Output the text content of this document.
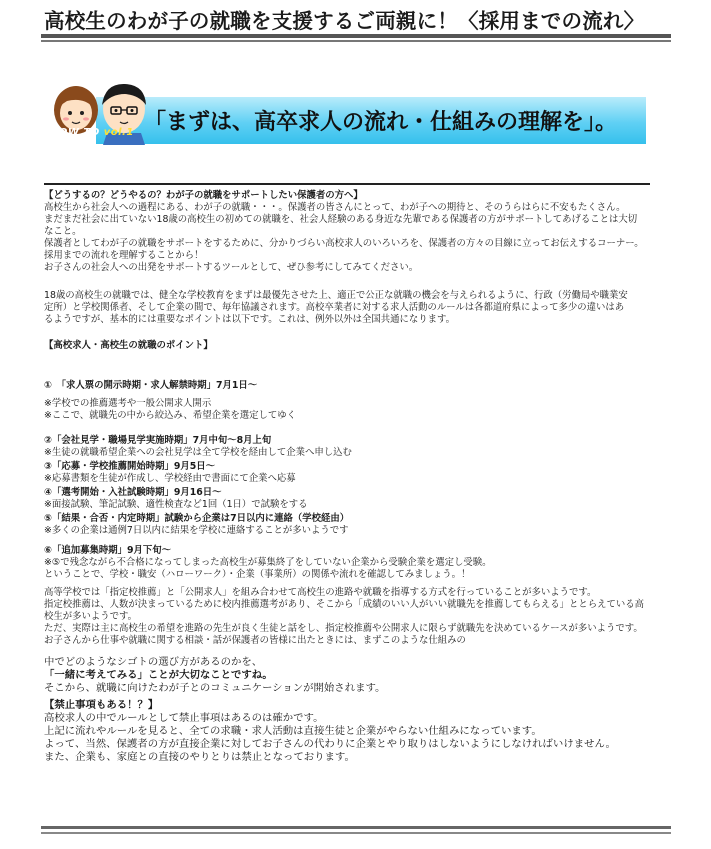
高校生のわが子の就職を支援するご両親に！〈採用までの流れ〉
「まずは、高卒求人の流れ・仕組みの理解を」。
HOW TO vol.1
【どうするの？どうやるの？わが子の就職をサポートしたい保護者の方へ】
高校生から社会人への過程にある、わが子の就職・・・。保護者の皆さんにとって、わが子への期待と、そのうらはらに不安もたくさん。
まだまだ社会に出ていない18歳の高校生の初めての就職を、社会人経験のある身近な先輩である保護者の方がサポートしてあげることは大切
なこと。
保護者としてわが子の就職をサポートをするために、分かりづらい高校求人のいろいろを、保護者の方々の目線に立ってお伝えするコーナー。
採用までの流れを理解することから！
お子さんの社会人への出発をサポートするツールとして、ぜひ参考にしてみてください。
18歳の高校生の就職では、健全な学校教育をまずは最優先させた上、適正で公正な就職の機会を与えられるように、行政（労働局や職業安
定所）と学校関係者、そして企業の間で、毎年協議されます。高校卒業者に対する求人活動のルールは各都道府県によって多少の違いはあ
るようですが、基本的には重要なポイントは以下です。これは、例外以外は全国共通になります。
【高校求人・高校生の就職のポイント】
①　「求人票の開示時期・求人解禁時期」7月1日～
※学校での推薦選考や一般公開求人開示
※ここで、就職先の中から絞込み、希望企業を選定してゆく
②「会社見学・職場見学実施時期」7月中旬～8月上旬
※生徒の就職希望企業への会社見学は全て学校を経由して企業へ申し込む
③「応募・学校推薦開始時期」9月5日～
※応募書類を生徒が作成し、学校経由で書面にて企業へ応募
④「選考開始・入社試験時期」9月16日～
※面接試験、筆記試験、適性検査など1回（1日）で試験をする
⑤「結果・合否・内定時期」試験から企業は7日以内に連絡（学校経由）
※多くの企業は通例7日以内に結果を学校に連絡することが多いようです
⑥「追加募集時期」9月下旬～
※⑤で残念ながら不合格になってしまった高校生が募集終了をしていない企業から受験企業を選定し受験。
ということで、学校・職安（ハローワーク）・企業（事業所）の関係や流れを確認してみましょう。！
高等学校では「指定校推薦」と「公開求人」を組み合わせて高校生の進路や就職を指導する方式を行っていることが多いようです。
指定校推薦は、人数が決まっているために校内推薦選考があり、そこから「成績のいい人がいい就職先を推薦してもらえる」ととらえている高
校生が多いようです。
ただ、実際は主に高校生の希望を進路の先生が良く生徒と話をし、指定校推薦や公開求人に限らず就職先を決めているケースが多いようです。
お子さんから仕事や就職に関する相談・話が保護者の皆様に出たときには、まずこのような仕組みの
中でどのようなシゴトの選び方があるのかを、
「一緒に考えてみる」ことが大切なことですね。
そこから、就職に向けたわが子とのコミュニケーションが開始されます。
【禁止事項もある！？】
高校求人の中でルールとして禁止事項はあるのは確かです。
上記に流れやルールを見ると、全ての求職・求人活動は直接生徒と企業がやらない仕組みになっています。
よって、当然、保護者の方が直接企業に対してお子さんの代わりに企業とやり取りはしないようにしなければいけません。
また、企業も、家庭との直接のやりとりは禁止となっております。
